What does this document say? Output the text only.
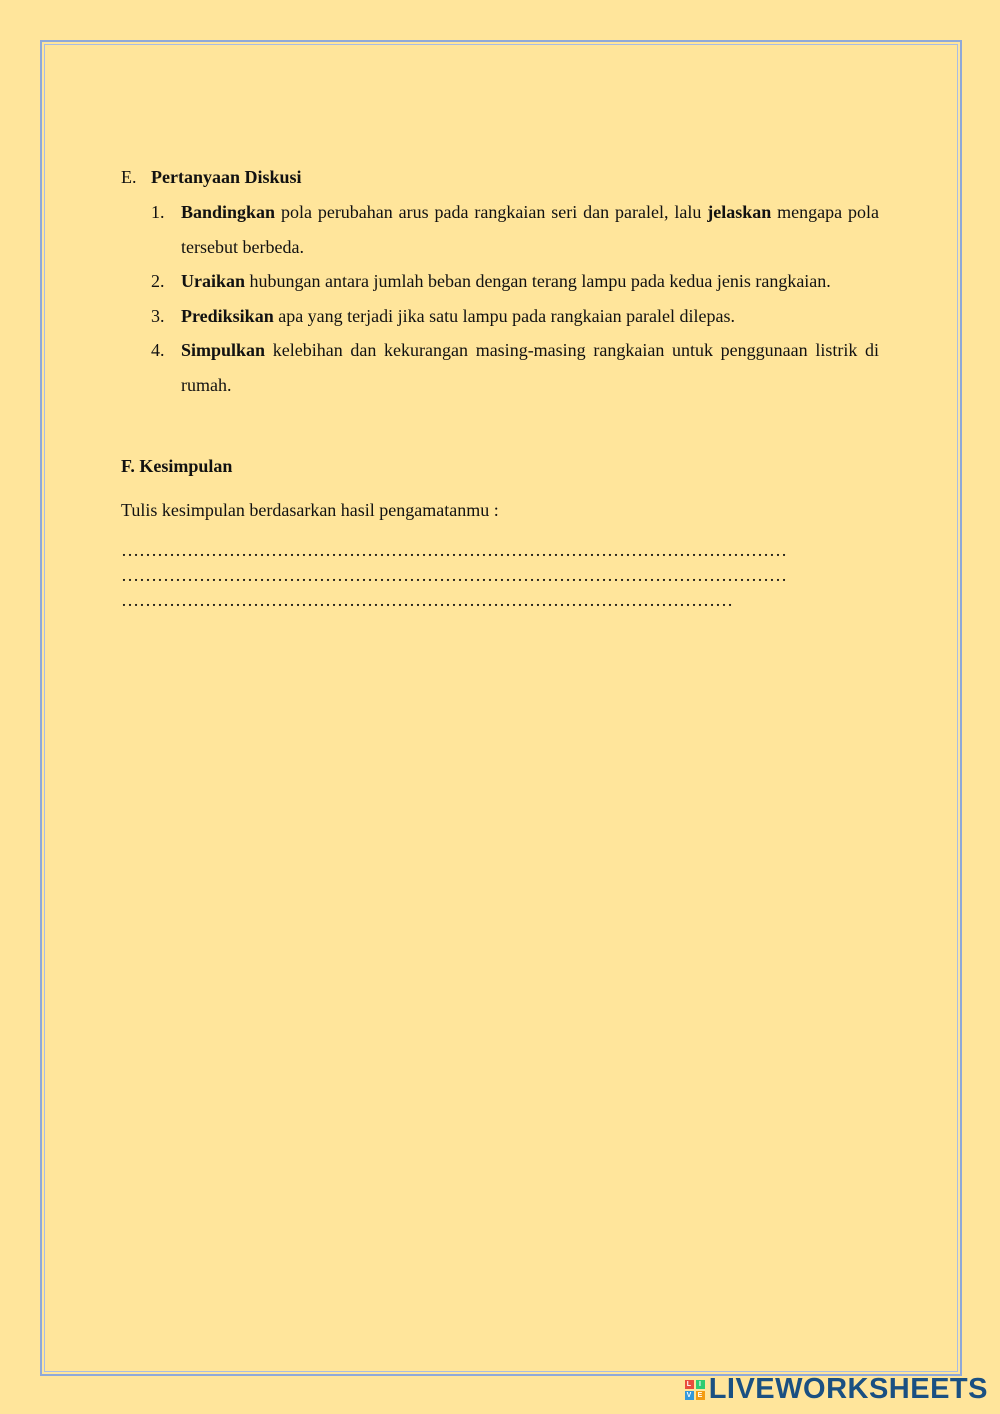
E. Pertanyaan Diskusi
1. Bandingkan pola perubahan arus pada rangkaian seri dan paralel, lalu jelaskan mengapa pola tersebut berbeda.
2. Uraikan hubungan antara jumlah beban dengan terang lampu pada kedua jenis rangkaian.
3. Prediksikan apa yang terjadi jika satu lampu pada rangkaian paralel dilepas.
4. Simpulkan kelebihan dan kekurangan masing-masing rangkaian untuk penggunaan listrik di rumah.
F. Kesimpulan
Tulis kesimpulan berdasarkan hasil pengamatanmu :
…………………………………………………………………………………………………
…………………………………………………………………………………………………
…………………………………………………………………………………………
L	I
V E LIVEWORKSHEETS
